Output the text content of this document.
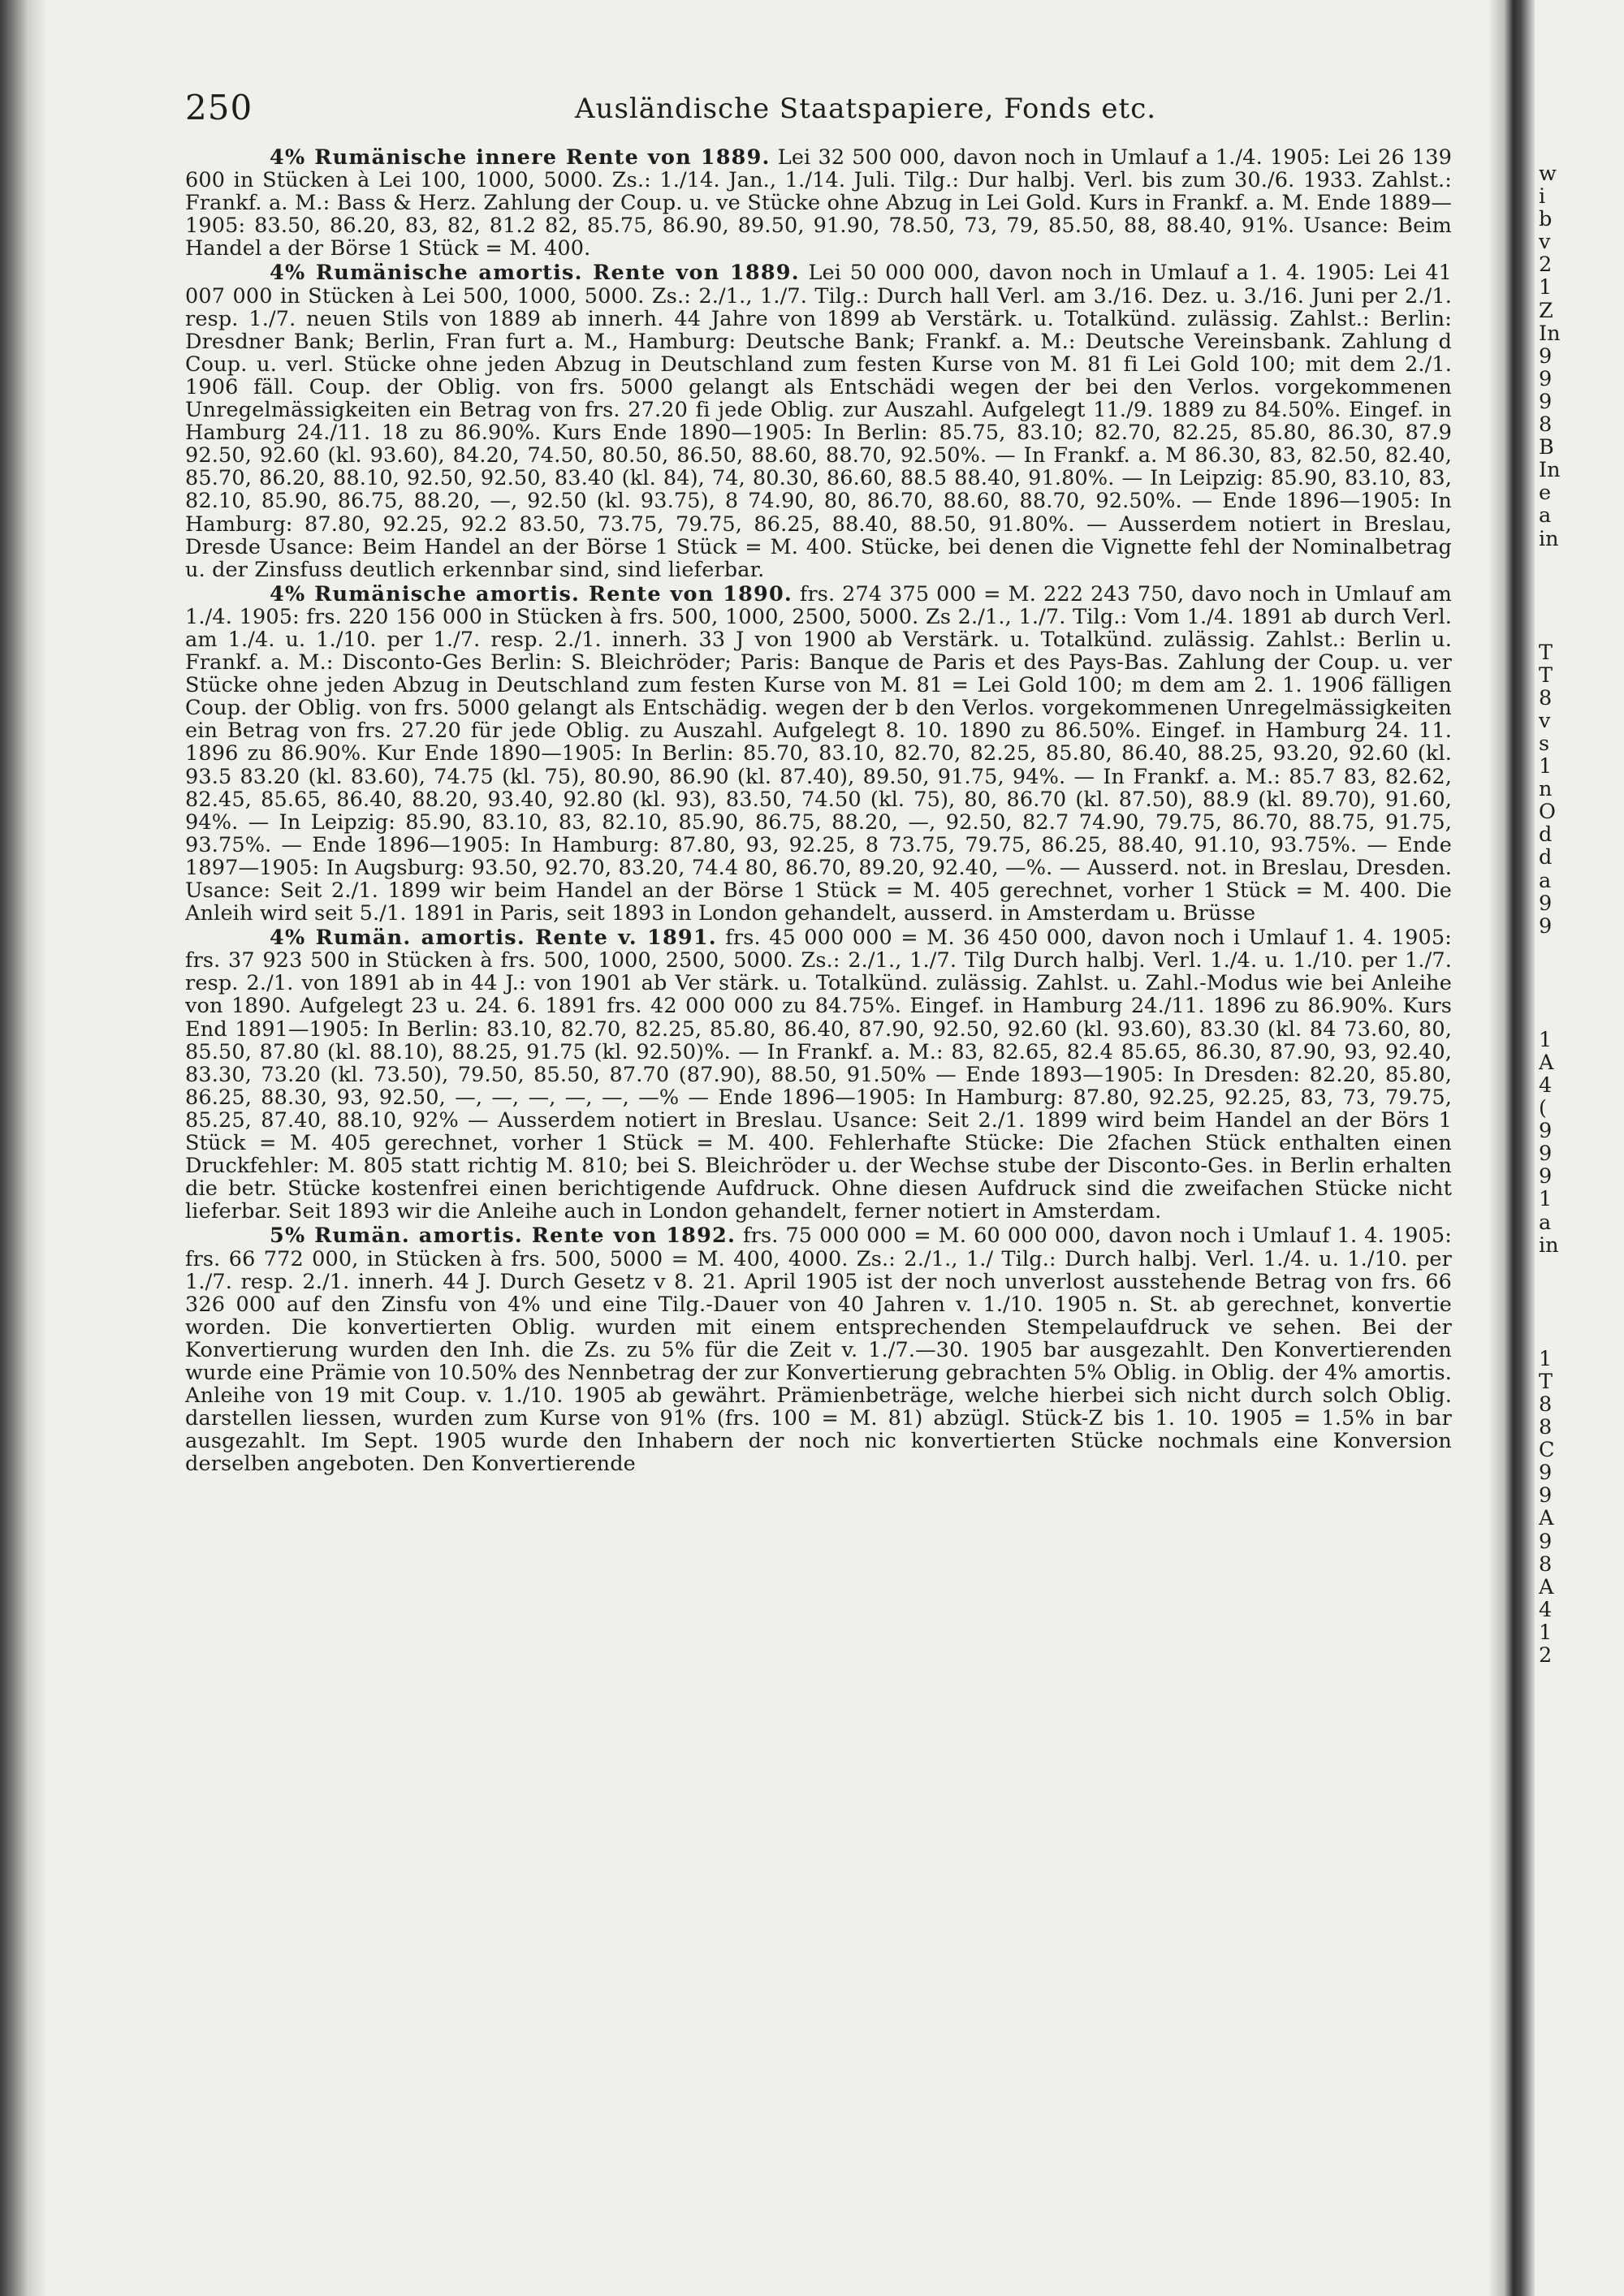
250	Ausländische Staatspapiere, Fonds etc.

4% Rumänische innere Rente von 1889. Lei 32 500 000, davon noch in Umlauf a 1./4. 1905: Lei 26 139 600 in Stücken à Lei 100, 1000, 5000. Zs.: 1./14. Jan., 1./14. Juli. Tilg.: Dur halbj. Verl. bis zum 30./6. 1933. Zahlst.: Frankf. a. M.: Bass & Herz. Zahlung der Coup. u. ve Stücke ohne Abzug in Lei Gold. Kurs in Frankf. a. M. Ende 1889—1905: 83.50, 86.20, 83, 82, 81.2 82, 85.75, 86.90, 89.50, 91.90, 78.50, 73, 79, 85.50, 88, 88.40, 91%. Usance: Beim Handel a der Börse 1 Stück = M. 400.

4% Rumänische amortis. Rente von 1889. Lei 50 000 000, davon noch in Umlauf a 1. 4. 1905: Lei 41 007 000 in Stücken à Lei 500, 1000, 5000. Zs.: 2./1., 1./7. Tilg.: Durch hall Verl. am 3./16. Dez. u. 3./16. Juni per 2./1. resp. 1./7. neuen Stils von 1889 ab innerh. 44 Jahre von 1899 ab Verstärk. u. Totalkünd. zulässig. Zahlst.: Berlin: Dresdner Bank; Berlin, Fran furt a. M., Hamburg: Deutsche Bank; Frankf. a. M.: Deutsche Vereinsbank. Zahlung d Coup. u. verl. Stücke ohne jeden Abzug in Deutschland zum festen Kurse von M. 81 fi Lei Gold 100; mit dem 2./1. 1906 fäll. Coup. der Oblig. von frs. 5000 gelangt als Entschädi wegen der bei den Verlos. vorgekommenen Unregelmässigkeiten ein Betrag von frs. 27.20 fi jede Oblig. zur Auszahl. Aufgelegt 11./9. 1889 zu 84.50%. Eingef. in Hamburg 24./11. 18 zu 86.90%. Kurs Ende 1890—1905: In Berlin: 85.75, 83.10; 82.70, 82.25, 85.80, 86.30, 87.9 92.50, 92.60 (kl. 93.60), 84.20, 74.50, 80.50, 86.50, 88.60, 88.70, 92.50%. — In Frankf. a. M 86.30, 83, 82.50, 82.40, 85.70, 86.20, 88.10, 92.50, 92.50, 83.40 (kl. 84), 74, 80.30, 86.60, 88.5 88.40, 91.80%. — In Leipzig: 85.90, 83.10, 83, 82.10, 85.90, 86.75, 88.20, —, 92.50 (kl. 93.75), 8 74.90, 80, 86.70, 88.60, 88.70, 92.50%. — Ende 1896—1905: In Hamburg: 87.80, 92.25, 92.2 83.50, 73.75, 79.75, 86.25, 88.40, 88.50, 91.80%. — Ausserdem notiert in Breslau, Dresde Usance: Beim Handel an der Börse 1 Stück = M. 400. Stücke, bei denen die Vignette fehl der Nominalbetrag u. der Zinsfuss deutlich erkennbar sind, sind lieferbar.

4% Rumänische amortis. Rente von 1890. frs. 274 375 000 = M. 222 243 750, davo noch in Umlauf am 1./4. 1905: frs. 220 156 000 in Stücken à frs. 500, 1000, 2500, 5000. Zs 2./1., 1./7. Tilg.: Vom 1./4. 1891 ab durch Verl. am 1./4. u. 1./10. per 1./7. resp. 2./1. innerh. 33 J von 1900 ab Verstärk. u. Totalkünd. zulässig. Zahlst.: Berlin u. Frankf. a. M.: Disconto-Ges Berlin: S. Bleichröder; Paris: Banque de Paris et des Pays-Bas. Zahlung der Coup. u. ver Stücke ohne jeden Abzug in Deutschland zum festen Kurse von M. 81 = Lei Gold 100; m dem am 2. 1. 1906 fälligen Coup. der Oblig. von frs. 5000 gelangt als Entschädig. wegen der b den Verlos. vorgekommenen Unregelmässigkeiten ein Betrag von frs. 27.20 für jede Oblig. zu Auszahl. Aufgelegt 8. 10. 1890 zu 86.50%. Eingef. in Hamburg 24. 11. 1896 zu 86.90%. Kur Ende 1890—1905: In Berlin: 85.70, 83.10, 82.70, 82.25, 85.80, 86.40, 88.25, 93.20, 92.60 (kl. 93.5 83.20 (kl. 83.60), 74.75 (kl. 75), 80.90, 86.90 (kl. 87.40), 89.50, 91.75, 94%. — In Frankf. a. M.: 85.7 83, 82.62, 82.45, 85.65, 86.40, 88.20, 93.40, 92.80 (kl. 93), 83.50, 74.50 (kl. 75), 80, 86.70 (kl. 87.50), 88.9 (kl. 89.70), 91.60, 94%. — In Leipzig: 85.90, 83.10, 83, 82.10, 85.90, 86.75, 88.20, —, 92.50, 82.7 74.90, 79.75, 86.70, 88.75, 91.75, 93.75%. — Ende 1896—1905: In Hamburg: 87.80, 93, 92.25, 8 73.75, 79.75, 86.25, 88.40, 91.10, 93.75%. — Ende 1897—1905: In Augsburg: 93.50, 92.70, 83.20, 74.4 80, 86.70, 89.20, 92.40, —%. — Ausserd. not. in Breslau, Dresden. Usance: Seit 2./1. 1899 wir beim Handel an der Börse 1 Stück = M. 405 gerechnet, vorher 1 Stück = M. 400. Die Anleih wird seit 5./1. 1891 in Paris, seit 1893 in London gehandelt, ausserd. in Amsterdam u. Brüsse

4% Rumän. amortis. Rente v. 1891. frs. 45 000 000 = M. 36 450 000, davon noch i Umlauf 1. 4. 1905: frs. 37 923 500 in Stücken à frs. 500, 1000, 2500, 5000. Zs.: 2./1., 1./7. Tilg Durch halbj. Verl. 1./4. u. 1./10. per 1./7. resp. 2./1. von 1891 ab in 44 J.: von 1901 ab Ver stärk. u. Totalkünd. zulässig. Zahlst. u. Zahl.-Modus wie bei Anleihe von 1890. Aufgelegt 23 u. 24. 6. 1891 frs. 42 000 000 zu 84.75%. Eingef. in Hamburg 24./11. 1896 zu 86.90%. Kurs End 1891—1905: In Berlin: 83.10, 82.70, 82.25, 85.80, 86.40, 87.90, 92.50, 92.60 (kl. 93.60), 83.30 (kl. 84 73.60, 80, 85.50, 87.80 (kl. 88.10), 88.25, 91.75 (kl. 92.50)%. — In Frankf. a. M.: 83, 82.65, 82.4 85.65, 86.30, 87.90, 93, 92.40, 83.30, 73.20 (kl. 73.50), 79.50, 85.50, 87.70 (87.90), 88.50, 91.50% — Ende 1893—1905: In Dresden: 82.20, 85.80, 86.25, 88.30, 93, 92.50, —, —, —, —, —, —% — Ende 1896—1905: In Hamburg: 87.80, 92.25, 92.25, 83, 73, 79.75, 85.25, 87.40, 88.10, 92% — Ausserdem notiert in Breslau. Usance: Seit 2./1. 1899 wird beim Handel an der Börs 1 Stück = M. 405 gerechnet, vorher 1 Stück = M. 400. Fehlerhafte Stücke: Die 2fachen Stück enthalten einen Druckfehler: M. 805 statt richtig M. 810; bei S. Bleichröder u. der Wechse stube der Disconto-Ges. in Berlin erhalten die betr. Stücke kostenfrei einen berichtigende Aufdruck. Ohne diesen Aufdruck sind die zweifachen Stücke nicht lieferbar. Seit 1893 wir die Anleihe auch in London gehandelt, ferner notiert in Amsterdam.

5% Rumän. amortis. Rente von 1892. frs. 75 000 000 = M. 60 000 000, davon noch i Umlauf 1. 4. 1905: frs. 66 772 000, in Stücken à frs. 500, 5000 = M. 400, 4000. Zs.: 2./1., 1./ Tilg.: Durch halbj. Verl. 1./4. u. 1./10. per 1./7. resp. 2./1. innerh. 44 J. Durch Gesetz v 8. 21. April 1905 ist der noch unverlost ausstehende Betrag von frs. 66 326 000 auf den Zinsfu von 4% und eine Tilg.-Dauer von 40 Jahren v. 1./10. 1905 n. St. ab gerechnet, konvertie worden. Die konvertierten Oblig. wurden mit einem entsprechenden Stempelaufdruck ve sehen. Bei der Konvertierung wurden den Inh. die Zs. zu 5% für die Zeit v. 1./7.—30. 1905 bar ausgezahlt. Den Konvertierenden wurde eine Prämie von 10.50% des Nennbetrag der zur Konvertierung gebrachten 5% Oblig. in Oblig. der 4% amortis. Anleihe von 19 mit Coup. v. 1./10. 1905 ab gewährt. Prämienbeträge, welche hierbei sich nicht durch solch Oblig. darstellen liessen, wurden zum Kurse von 91% (frs. 100 = M. 81) abzügl. Stück-Z bis 1. 10. 1905 = 1.5% in bar ausgezahlt. Im Sept. 1905 wurde den Inhabern der noch nic konvertierten Stücke nochmals eine Konversion derselben angeboten. Den Konvertierende

w
i
b
v
2
1
Z
In
9
9
9
8
B
In
e
a
in
T
T
8
v
s
1
n
O
d
d
a
9
9
1
A
4
(
9
9
9
1
a
in
1
T
8
8
C
9
9
A
9
8
A
4
1
2
